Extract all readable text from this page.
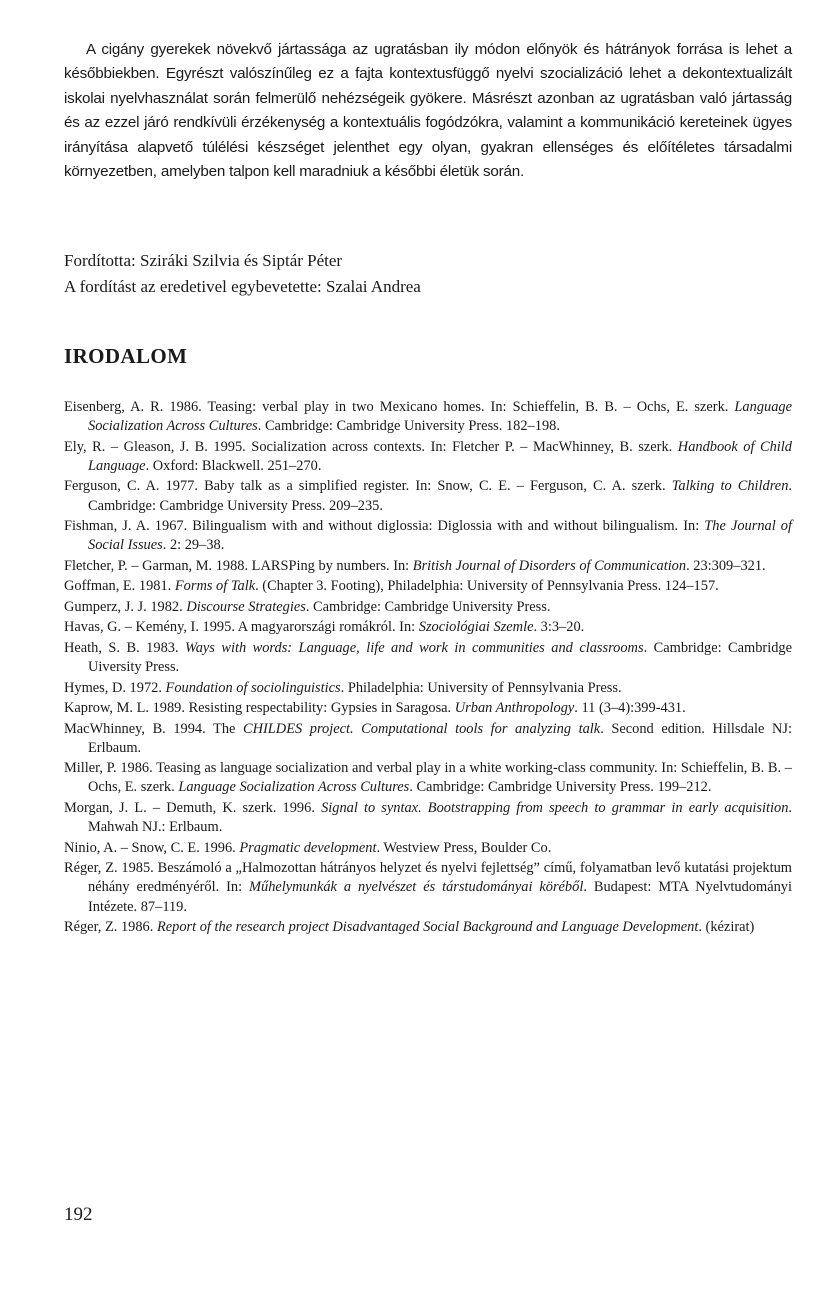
A cigány gyerekek növekvő jártassága az ugratásban ily módon előnyök és hátrányok forrása is lehet a későbbiekben. Egyrészt valószínűleg ez a fajta kontextusfüggő nyelvi szocializáció lehet a dekontextualizált iskolai nyelvhasználat során felmerülő nehézségeik gyökere. Másrészt azonban az ugratásban való jártasság és az ezzel járó rendkívüli érzékenység a kontextuális fogódzókra, valamint a kommunikáció kereteinek ügyes irányítása alapvető túlélési készséget jelenthet egy olyan, gyakran ellenséges és előítéletes társadalmi környezetben, amelyben talpon kell maradniuk a későbbi életük során.

Fordította: Sziráki Szilvia és Siptár Péter
A fordítást az eredetivel egybevetette: Szalai Andrea
IRODALOM

Eisenberg, A. R. 1986. Teasing: verbal play in two Mexicano homes. In: Schieffelin, B. B. – Ochs, E. szerk. Language Socialization Across Cultures. Cambridge: Cambridge University Press. 182–198.

Ely, R. – Gleason, J. B. 1995. Socialization across contexts. In: Fletcher P. – MacWhinney, B. szerk. Handbook of Child Language. Oxford: Blackwell. 251–270.

Ferguson, C. A. 1977. Baby talk as a simplified register. In: Snow, C. E. – Ferguson, C. A. szerk. Talking to Children. Cambridge: Cambridge University Press. 209–235.

Fishman, J. A. 1967. Bilingualism with and without diglossia: Diglossia with and without bilingualism. In: The Journal of Social Issues. 2: 29–38.

Fletcher, P. – Garman, M. 1988. LARSPing by numbers. In: British Journal of Disorders of Communication. 23:309–321.

Goffman, E. 1981. Forms of Talk. (Chapter 3. Footing), Philadelphia: University of Pennsylvania Press. 124–157.

Gumperz, J. J. 1982. Discourse Strategies. Cambridge: Cambridge University Press.

Havas, G. – Kemény, I. 1995. A magyarországi romákról. In: Szociológiai Szemle. 3:3–20.

Heath, S. B. 1983. Ways with words: Language, life and work in communities and classrooms. Cambridge: Cambridge Uiversity Press.

Hymes, D. 1972. Foundation of sociolinguistics. Philadelphia: University of Pennsylvania Press.

Kaprow, M. L. 1989. Resisting respectability: Gypsies in Saragosa. Urban Anthropology. 11 (3–4):399-431.

MacWhinney, B. 1994. The CHILDES project. Computational tools for analyzing talk. Second edition. Hillsdale NJ: Erlbaum.

Miller, P. 1986. Teasing as language socialization and verbal play in a white working-class community. In: Schieffelin, B. B. – Ochs, E. szerk. Language Socialization Across Cultures. Cambridge: Cambridge University Press. 199–212.

Morgan, J. L. – Demuth, K. szerk. 1996. Signal to syntax. Bootstrapping from speech to grammar in early acquisition. Mahwah NJ.: Erlbaum.

Ninio, A. – Snow, C. E. 1996. Pragmatic development. Westview Press, Boulder Co.

Réger, Z. 1985. Beszámoló a „Halmozottan hátrányos helyzet és nyelvi fejlettség” című, folyamatban levő kutatási projektum néhány eredményéről. In: Műhelymunkák a nyelvészet és társtudományai köréből. Budapest: MTA Nyelvtudományi Intézete. 87–119.

Réger, Z. 1986. Report of the research project Disadvantaged Social Background and Language Development. (kézirat)

192
